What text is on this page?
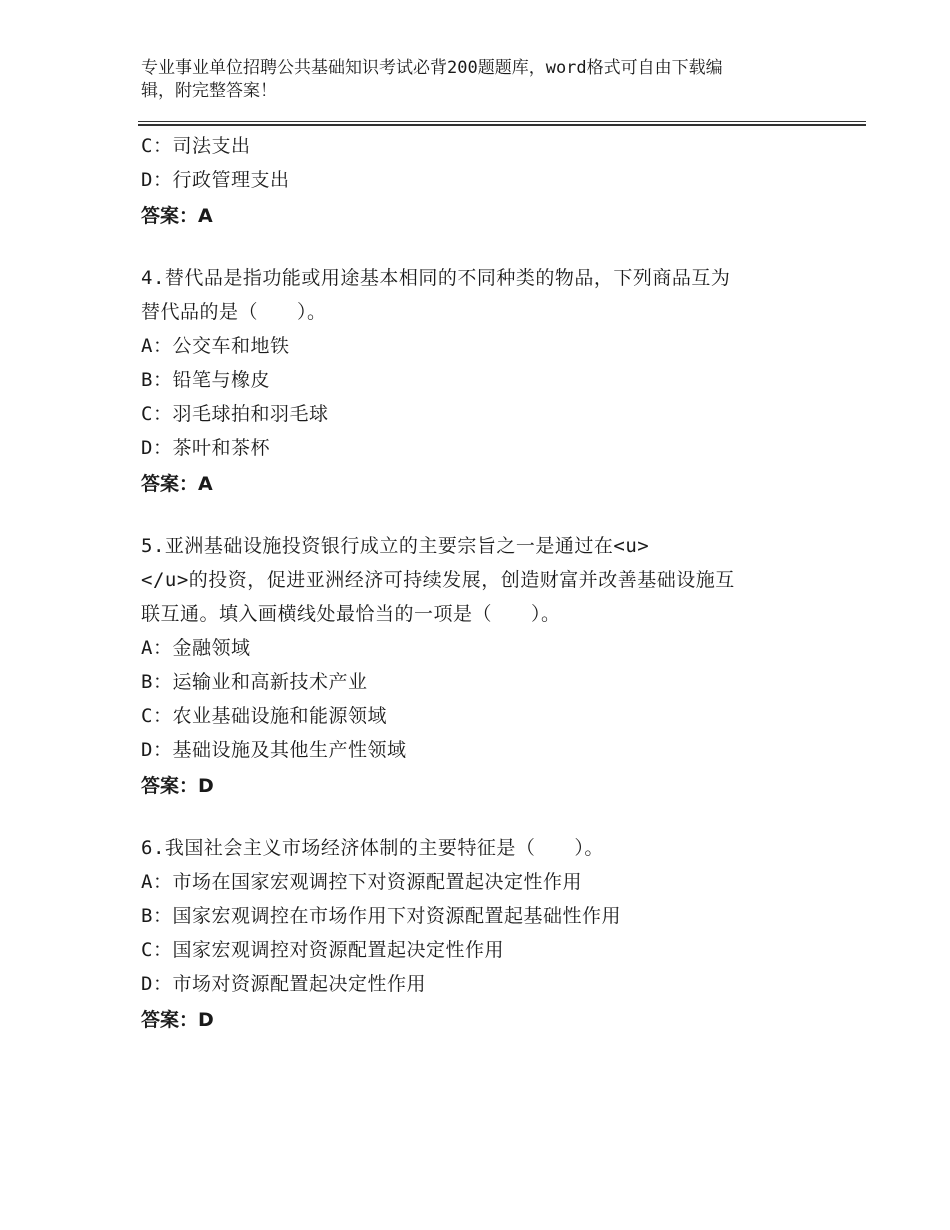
专业事业单位招聘公共基础知识考试必背200题题库，word格式可自由下载编
辑，附完整答案！
C：司法支出
D：行政管理支出
答案：A
4.替代品是指功能或用途基本相同的不同种类的物品，下列商品互为
替代品的是（　　）。
A：公交车和地铁
B：铅笔与橡皮
C：羽毛球拍和羽毛球
D：茶叶和茶杯
答案：A
5.亚洲基础设施投资银行成立的主要宗旨之一是通过在<u>
</u>的投资，促进亚洲经济可持续发展，创造财富并改善基础设施互
联互通。填入画横线处最恰当的一项是（　　）。
A：金融领域
B：运输业和高新技术产业
C：农业基础设施和能源领域
D：基础设施及其他生产性领域
答案：D
6.我国社会主义市场经济体制的主要特征是（　　）。
A：市场在国家宏观调控下对资源配置起决定性作用
B：国家宏观调控在市场作用下对资源配置起基础性作用
C：国家宏观调控对资源配置起决定性作用
D：市场对资源配置起决定性作用
答案：D
